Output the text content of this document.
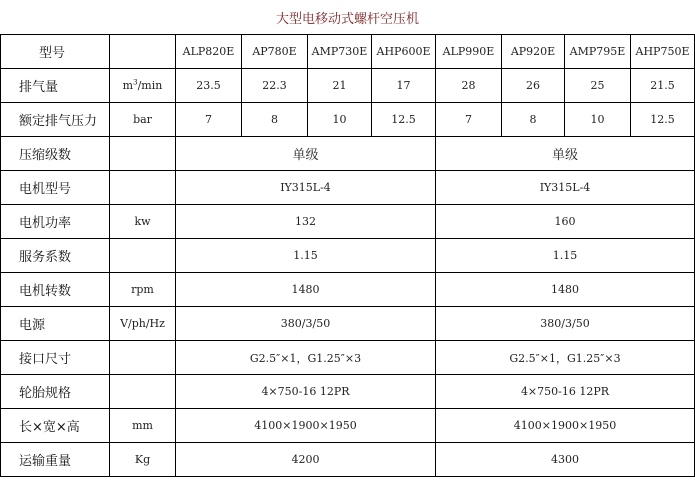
大型电移动式螺杆空压机
型号		ALP820E	AP780E	AMP730E	AHP600E	ALP990E	AP920E	AMP795E	AHP750E
排气量	$m^3/\min$	23.5	22.3	21	17	28	26	25	21.5
额定排气压力	bar	7	8	10	12.5	7	8	10	12.5
压缩级数		单级				单级			
电机型号		IY315L-4				IY315L-4			
电机功率	kw	132				160			
服务系数		1.15				1.15			
电机转数	rpm	1480				1480			
电源	V/ph/Hz	380/3/50				380/3/50			
接口尺寸		G2.5″×1，G1.25″×3				G2.5″×1，G1.25″×3			
轮胎规格		4×750-16 12PR				4×750-16 12PR			
长×宽×高	mm	4100×1900×1950				4100×1900×1950			
运输重量	Kg	4200				4300			
